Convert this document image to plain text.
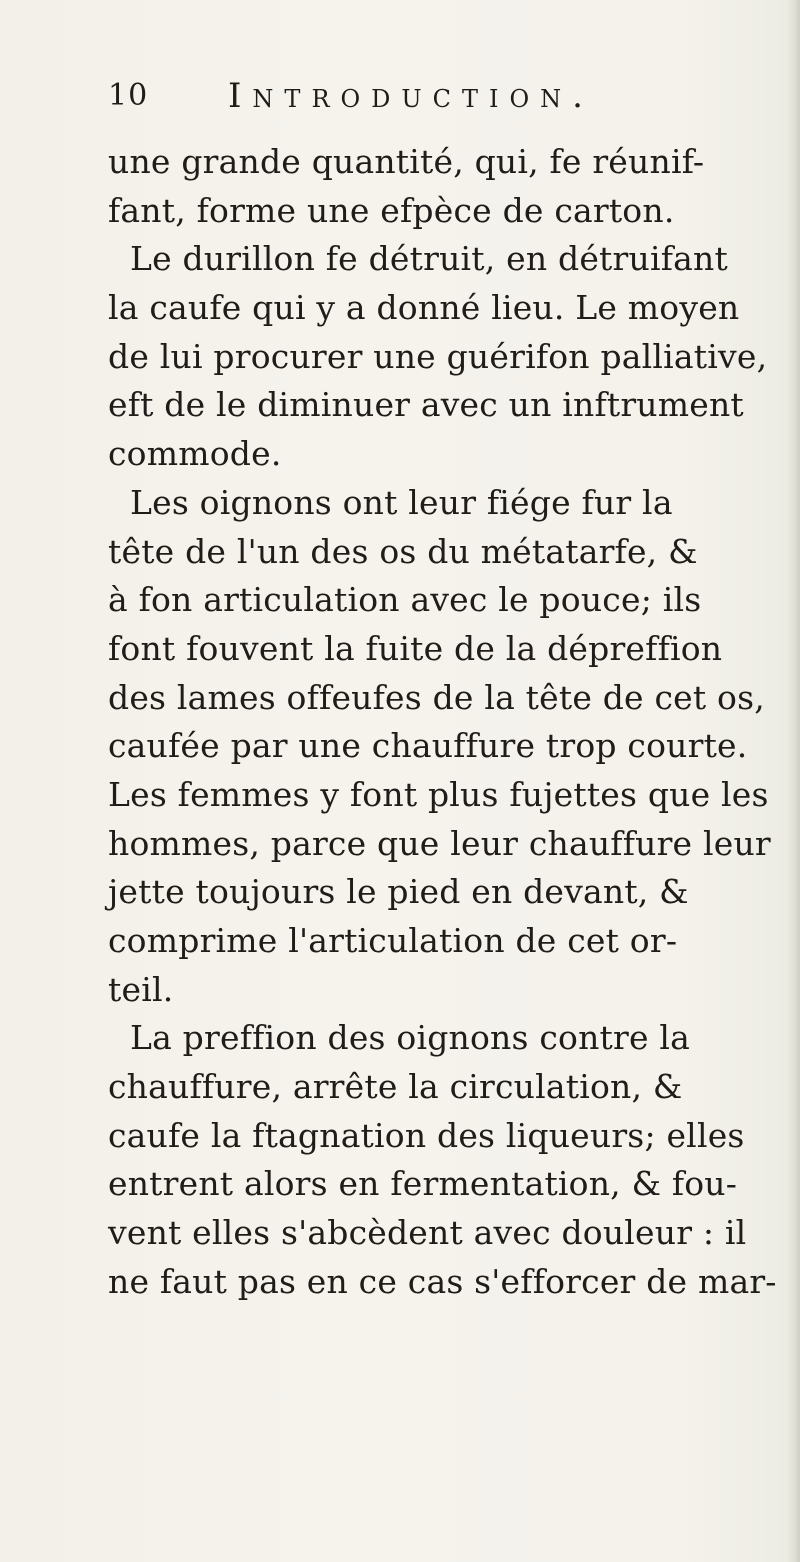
10 Introduction.
une grande quantité, qui, fe réunif-
fant, forme une efpèce de carton.
Le durillon fe détruit, en détruifant
la caufe qui y a donné lieu. Le moyen
de lui procurer une guérifon palliative,
eft de le diminuer avec un inftrument
commode.
Les oignons ont leur fiége fur la
tête de l'un des os du métatarfe, &
à fon articulation avec le pouce; ils
font fouvent la fuite de la dépreffion
des lames offeufes de la tête de cet os,
caufée par une chauffure trop courte.
Les femmes y font plus fujettes que les
hommes, parce que leur chauffure leur
jette toujours le pied en devant, &
comprime l'articulation de cet or-
teil.
La preffion des oignons contre la
chauffure, arrête la circulation, &
caufe la ftagnation des liqueurs; elles
entrent alors en fermentation, & fou-
vent elles s'abcèdent avec douleur : il
ne faut pas en ce cas s'efforcer de mar-
